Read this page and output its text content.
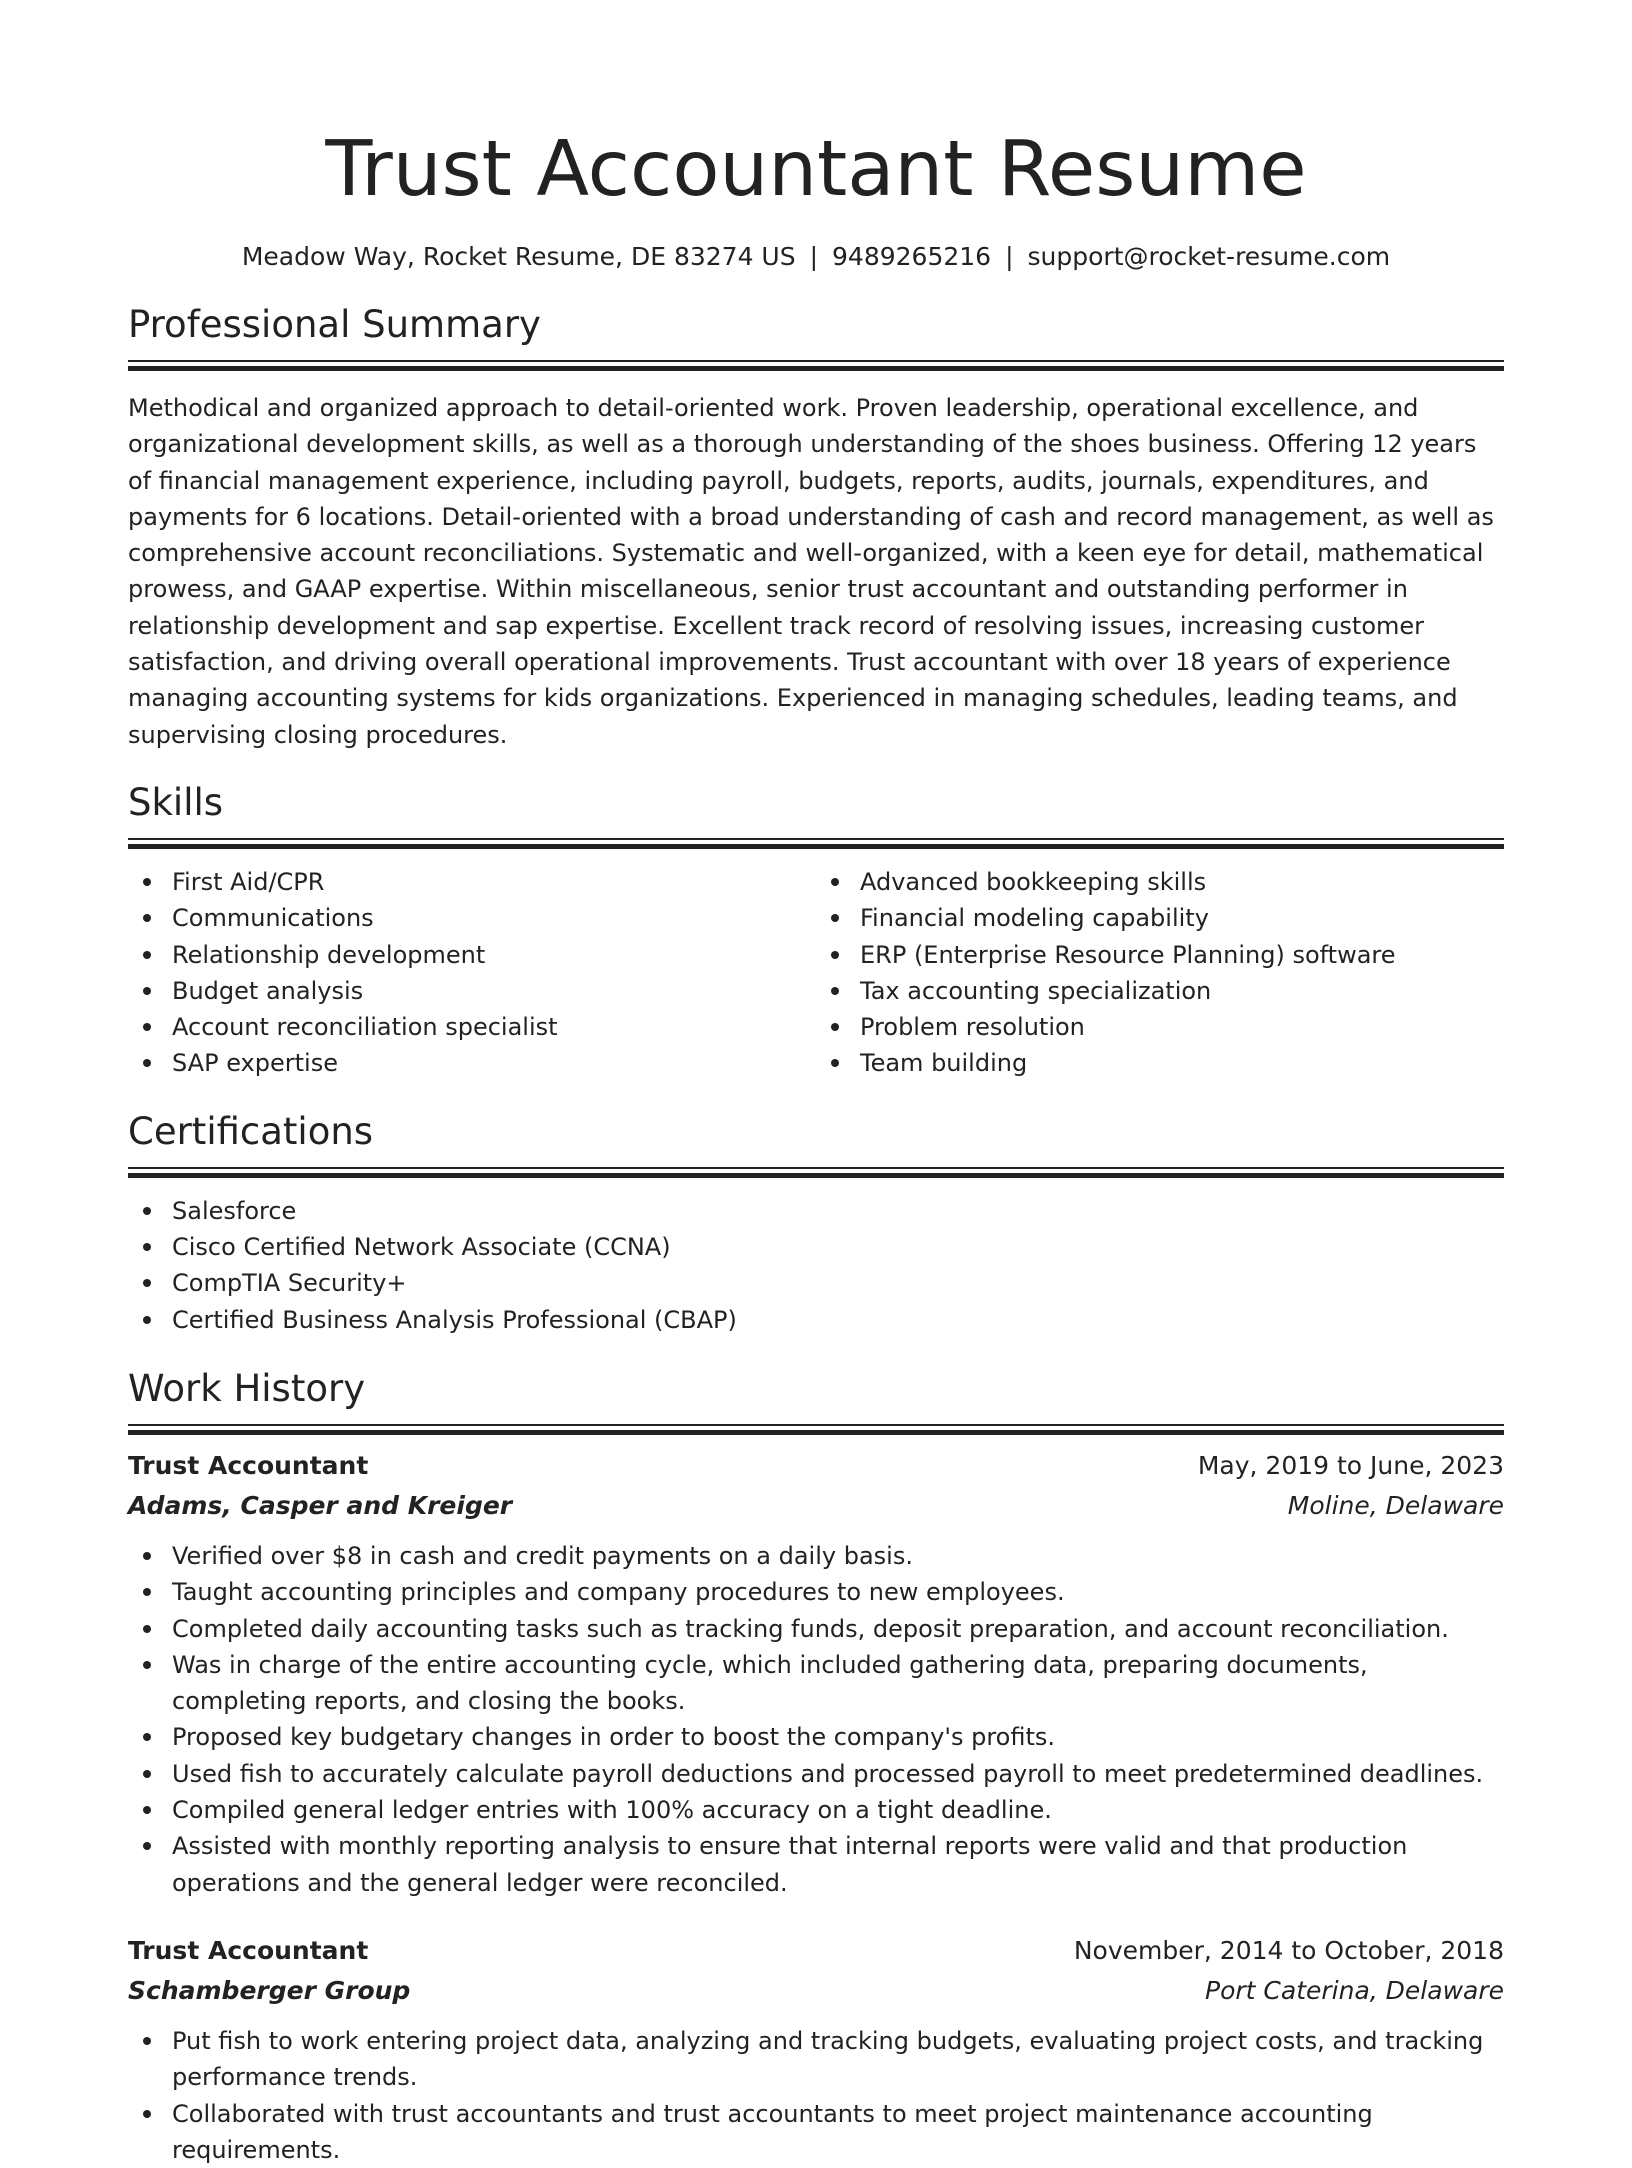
Trust Accountant Resume
Meadow Way, Rocket Resume, DE 83274 US | 9489265216 | support@rocket-resume.com
Professional Summary

Methodical and organized approach to detail-oriented work. Proven leadership, operational excellence, and organizational development skills, as well as a thorough understanding of the shoes business. Offering 12 years of financial management experience, including payroll, budgets, reports, audits, journals, expenditures, and payments for 6 locations. Detail-oriented with a broad understanding of cash and record management, as well as comprehensive account reconciliations. Systematic and well-organized, with a keen eye for detail, mathematical prowess, and GAAP expertise. Within miscellaneous, senior trust accountant and outstanding performer in relationship development and sap expertise. Excellent track record of resolving issues, increasing customer satisfaction, and driving overall operational improvements. Trust accountant with over 18 years of experience managing accounting systems for kids organizations. Experienced in managing schedules, leading teams, and supervising closing procedures.

Skills
First Aid/CPR
Communications
Relationship development
Budget analysis
Account reconciliation specialist
SAP expertise
Advanced bookkeeping skills
Financial modeling capability
ERP (Enterprise Resource Planning) software
Tax accounting specialization
Problem resolution
Team building
Certifications
Salesforce
Cisco Certified Network Associate (CCNA)
CompTIA Security+
Certified Business Analysis Professional (CBAP)
Work History
Trust Accountant	May, 2019 to June, 2023
Adams, Casper and Kreiger	Moline, Delaware
Verified over $8 in cash and credit payments on a daily basis.
Taught accounting principles and company procedures to new employees.
Completed daily accounting tasks such as tracking funds, deposit preparation, and account reconciliation.
Was in charge of the entire accounting cycle, which included gathering data, preparing documents, completing reports, and closing the books.
Proposed key budgetary changes in order to boost the company's profits.
Used fish to accurately calculate payroll deductions and processed payroll to meet predetermined deadlines.
Compiled general ledger entries with 100% accuracy on a tight deadline.
Assisted with monthly reporting analysis to ensure that internal reports were valid and that production operations and the general ledger were reconciled.
Trust Accountant	November, 2014 to October, 2018
Schamberger Group	Port Caterina, Delaware
Put fish to work entering project data, analyzing and tracking budgets, evaluating project costs, and tracking performance trends.
Collaborated with trust accountants and trust accountants to meet project maintenance accounting requirements.
